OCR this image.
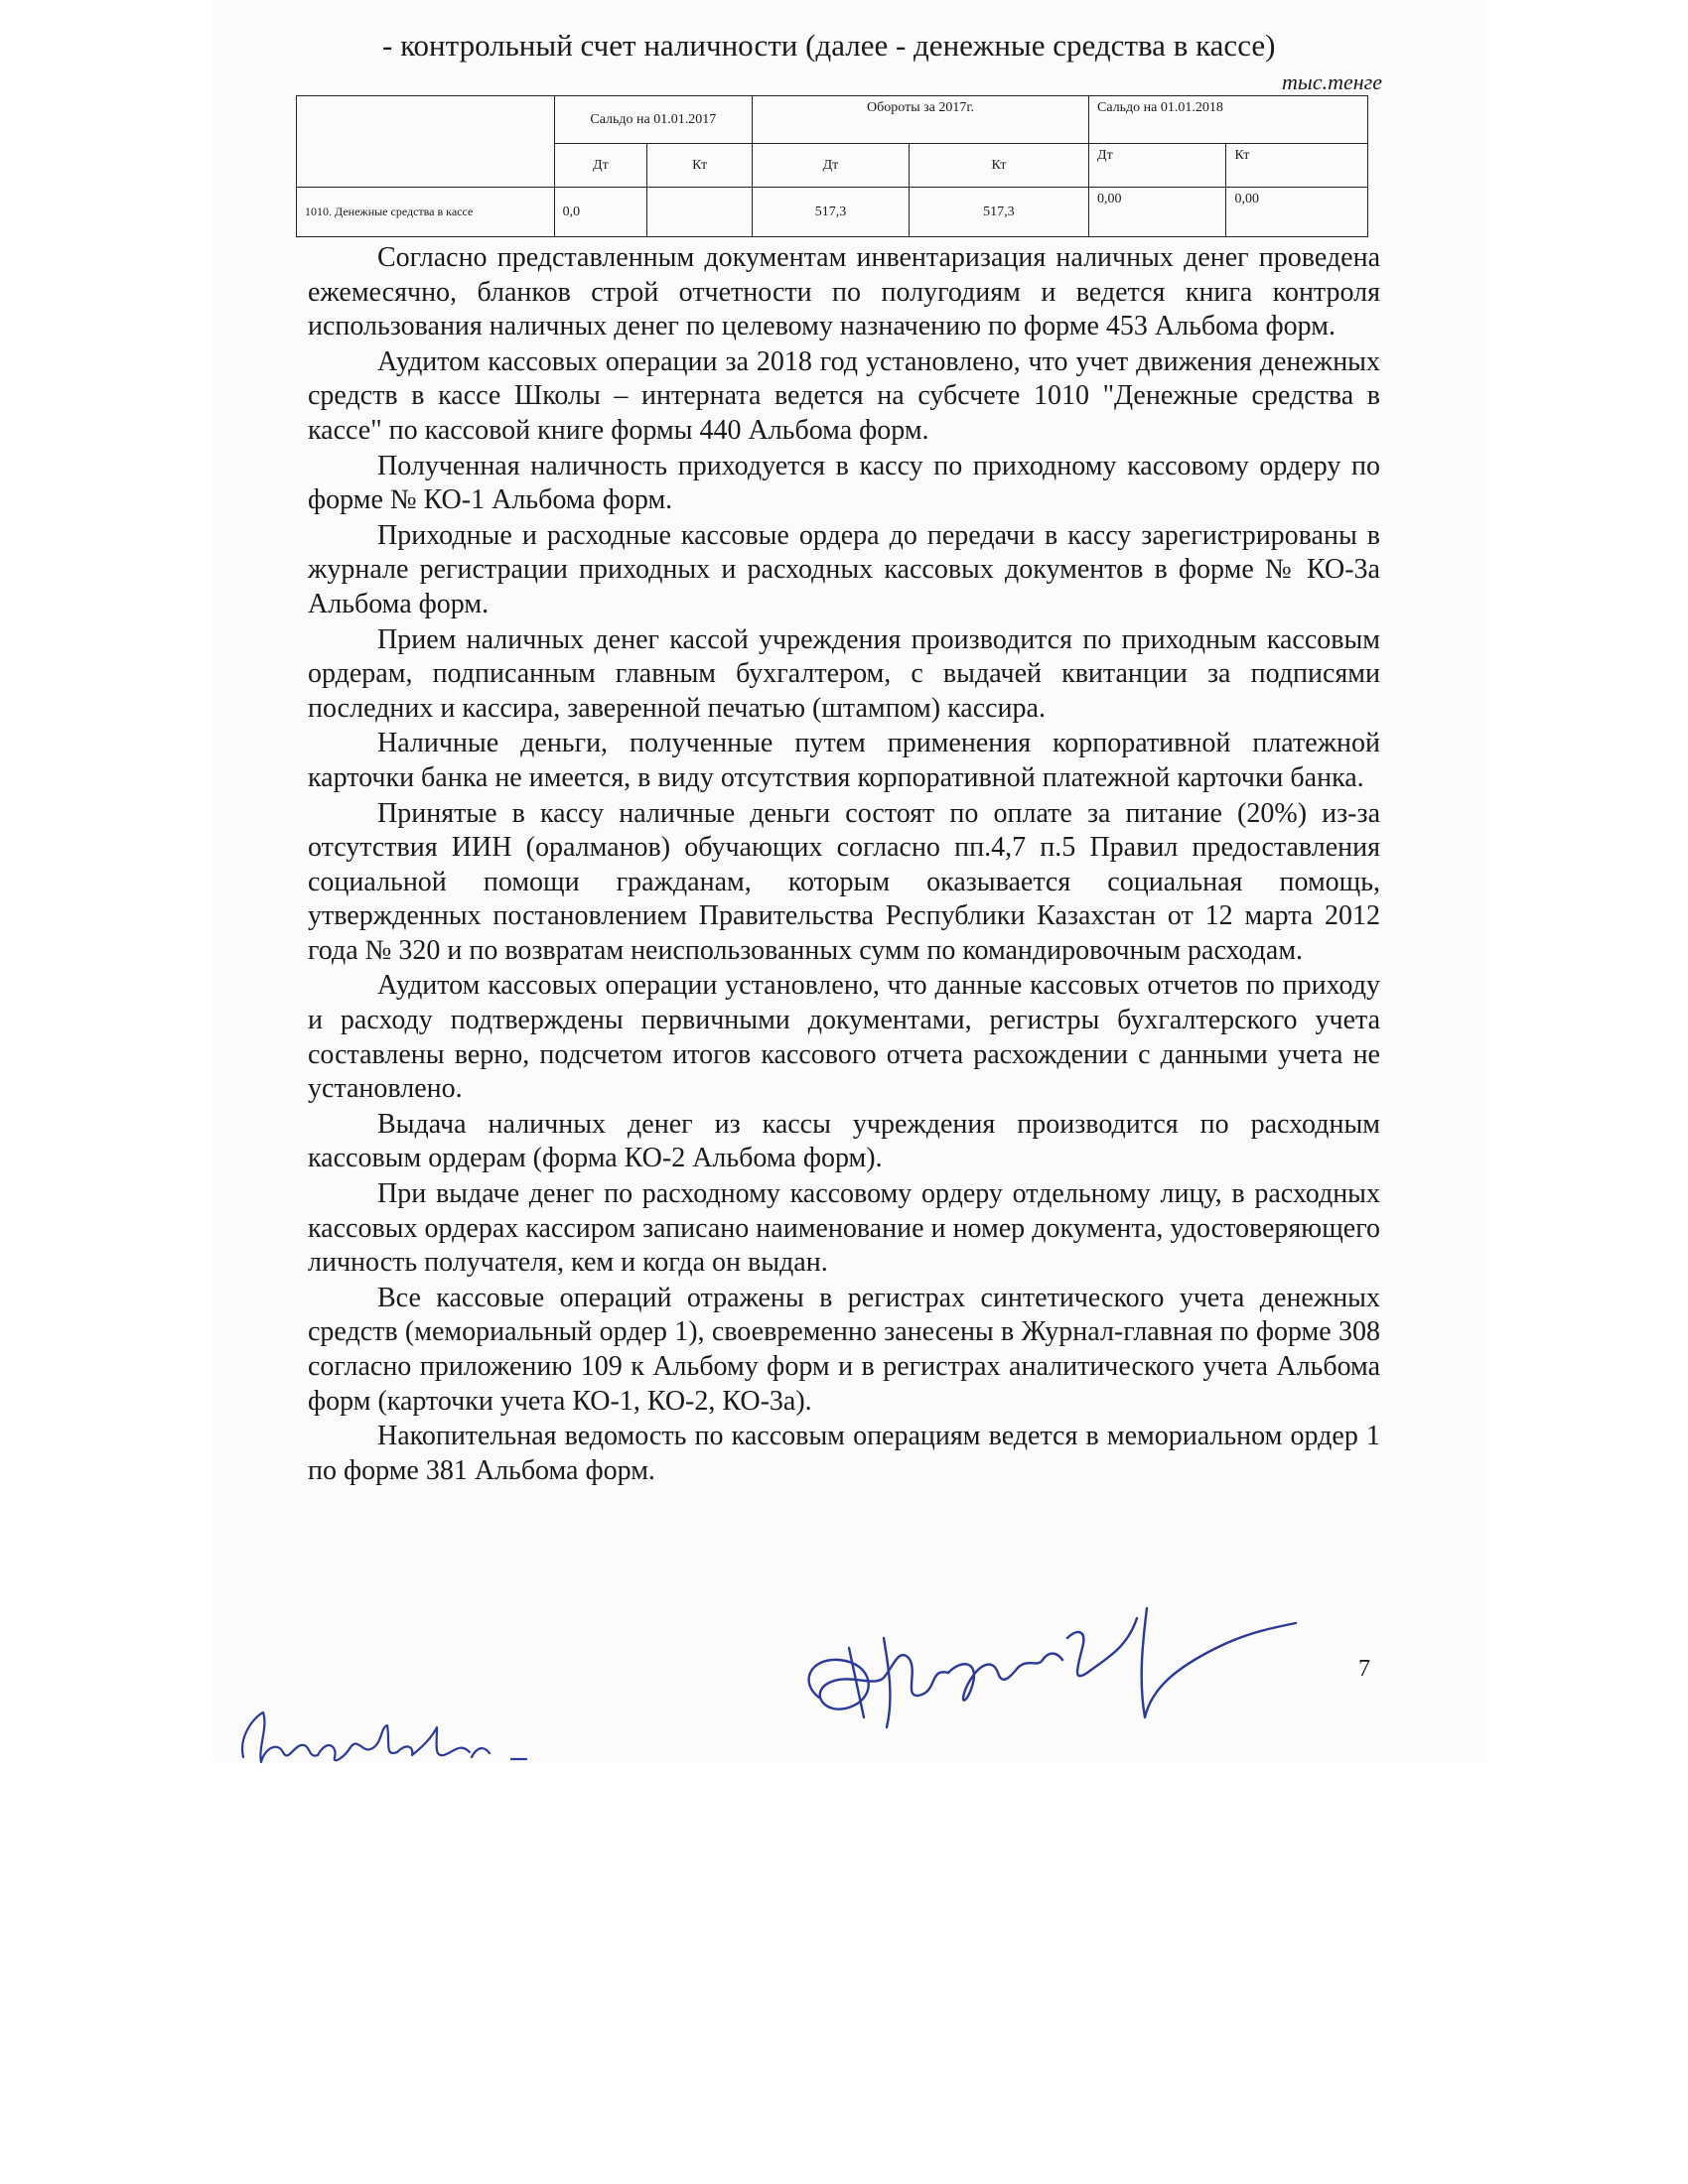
- контрольный счет наличности (далее - денежные средства в кассе)
тыс.тенге
	Сальдо на 01.01.2017		Обороты за 2017г.		Сальдо на 01.01.2018	
	Дт	Кт	Дт	Кт	Дт	Кт
1010. Денежные средства в кассе	0,0		517,3	517,3	0,00	0,00

Согласно представленным документам инвентаризация наличных денег проведена ежемесячно, бланков строй отчетности по полугодиям и ведется книга контроля использования наличных денег по целевому назначению по форме 453 Альбома форм.

Аудитом кассовых операции за 2018 год установлено, что учет движения денежных средств в кассе Школы – интерната ведется на субсчете 1010 "Денежные средства в кассе" по кассовой книге формы 440 Альбома форм.

Полученная наличность приходуется в кассу по приходному кассовому ордеру по форме № КО-1 Альбома форм.

Приходные и расходные кассовые ордера до передачи в кассу зарегистрированы в журнале регистрации приходных и расходных кассовых документов в форме № КО-3а Альбома форм.

Прием наличных денег кассой учреждения производится по приходным кассовым ордерам, подписанным главным бухгалтером, с выдачей квитанции за подписями последних и кассира, заверенной печатью (штампом) кассира.

Наличные деньги, полученные путем применения корпоративной платежной карточки банка не имеется, в виду отсутствия корпоративной платежной карточки банка.

Принятые в кассу наличные деньги состоят по оплате за питание (20%) из-за отсутствия ИИН (оралманов) обучающих согласно пп.4,7 п.5 Правил предоставления социальной помощи гражданам, которым оказывается социальная помощь, утвержденных постановлением Правительства Республики Казахстан от 12 марта 2012 года № 320 и по возвратам неиспользованных сумм по командировочным расходам.

Аудитом кассовых операции установлено, что данные кассовых отчетов по приходу и расходу подтверждены первичными документами, регистры бухгалтерского учета составлены верно, подсчетом итогов кассового отчета расхождении с данными учета не установлено.

Выдача наличных денег из кассы учреждения производится по расходным кассовым ордерам (форма КО-2 Альбома форм).

При выдаче денег по расходному кассовому ордеру отдельному лицу, в расходных кассовых ордерах кассиром записано наименование и номер документа, удостоверяющего личность получателя, кем и когда он выдан.

Все кассовые операций отражены в регистрах синтетического учета денежных средств (мемориальный ордер 1), своевременно занесены в Журнал-главная по форме 308 согласно приложению 109 к Альбому форм и в регистрах аналитического учета Альбома форм (карточки учета КО-1, КО-2, КО-3а).

Накопительная ведомость по кассовым операциям ведется в мемориальном ордер 1 по форме 381 Альбома форм.

7
